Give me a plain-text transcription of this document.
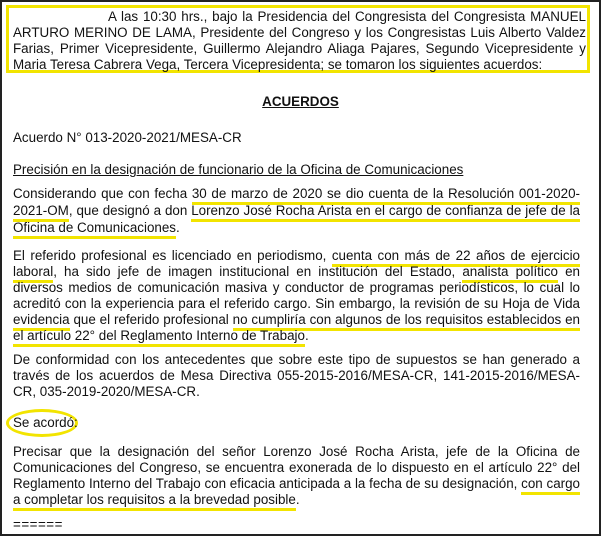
A las 10:30 hrs., bajo la Presidencia del Congresista del Congresista MANUEL ARTURO MERINO DE LAMA, Presidente del Congreso y los Congresistas Luis Alberto Valdez Farias, Primer Vicepresidente, Guillermo Alejandro Aliaga Pajares, Segundo Vicepresidente y Maria Teresa Cabrera Vega, Tercera Vicepresidenta; se tomaron los siguientes acuerdos:

ACUERDOS

Acuerdo N° 013-2020-2021/MESA-CR

Precisión en la designación de funcionario de la Oficina de Comunicaciones

Considerando que con fecha 30 de marzo de 2020 se dio cuenta de la Resolución 001-2020-2021-OM, que designó a don Lorenzo José Rocha Arista en el cargo de confianza de jefe de la Oficina de Comunicaciones.

El referido profesional es licenciado en periodismo, cuenta con más de 22 años de ejercicio laboral, ha sido jefe de imagen institucional en institución del Estado, analista político en diversos medios de comunicación masiva y conductor de programas periodísticos, lo cual lo acreditó con la experiencia para el referido cargo. Sin embargo, la revisión de su Hoja de Vida evidencia que el referido profesional no cumpliría con algunos de los requisitos establecidos en el artículo 22° del Reglamento Interno de Trabajo.

De conformidad con los antecedentes que sobre este tipo de supuestos se han generado a través de los acuerdos de Mesa Directiva 055-2015-2016/MESA-CR, 141-2015-2016/MESA-CR, 035-2019-2020/MESA-CR.

Se acordó:

Precisar que la designación del señor Lorenzo José Rocha Arista, jefe de la Oficina de Comunicaciones del Congreso, se encuentra exonerada de lo dispuesto en el artículo 22° del Reglamento Interno del Trabajo con eficacia anticipada a la fecha de su designación, con cargo a completar los requisitos a la brevedad posible.

======
